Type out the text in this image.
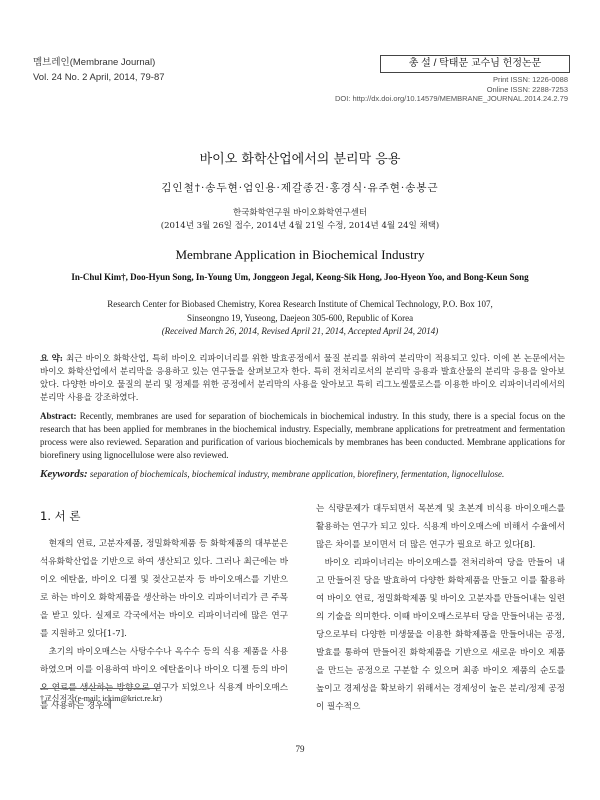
멤브레인(Membrane Journal)
Vol. 24 No. 2 April, 2014, 79-87
총 설 / 탁태문 교수님 헌정논문
Print ISSN: 1226-0088
Online ISSN: 2288-7253
DOI: http://dx.doi.org/10.14579/MEMBRANE_JOURNAL.2014.24.2.79
바이오 화학산업에서의 분리막 응용
김인철†·송두현·엄인용·제갈종건·홍경식·유주현·송봉근
한국화학연구원 바이오화학연구센터
(2014년 3월 26일 접수, 2014년 4월 21일 수정, 2014년 4월 24일 채택)
Membrane Application in Biochemical Industry
In-Chul Kim†, Doo-Hyun Song, In-Young Um, Jonggeon Jegal, Keong-Sik Hong, Joo-Hyeon Yoo, and Bong-Keun Song
Research Center for Biobased Chemistry, Korea Research Institute of Chemical Technology, P.O. Box 107,
Sinseongno 19, Yuseong, Daejeon 305-600, Republic of Korea
(Received March 26, 2014, Revised April 21, 2014, Accepted April 24, 2014)
요 약: 최근 바이오 화학산업, 특히 바이오 리파이너리를 위한 발효공정에서 물질 분리를 위하여 분리막이 적용되고 있다. 이에 본 논문에서는 바이오 화학산업에서 분리막을 응용하고 있는 연구들을 살펴보고자 한다. 특히 전처리로서의 분리막 응용과 발효산물의 분리막 응용을 알아보았다. 다양한 바이오 물질의 분리 및 정제를 위한 공정에서 분리막의 사용을 알아보고 특히 리그노셀룰로스를 이용한 바이오 리파이너리에서의 분리막 사용을 강조하였다.
Abstract: Recently, membranes are used for separation of biochemicals in biochemical industry. In this study, there is a special focus on the research that has been applied for membranes in the biochemical industry. Especially, membrane applications for pretreatment and fermentation process were also reviewed. Separation and purification of various biochemicals by membranes has been conducted. Membrane applications for biorefinery using lignocellulose were also reviewed.
Keywords: separation of biochemicals, biochemical industry, membrane application, biorefinery, fermentation, lignocellulose.
1. 서 론

현재의 연료, 고분자제품, 정밀화학제품 등 화학제품의 대부분은 석유화학산업을 기반으로 하여 생산되고 있다. 그러나 최근에는 바이오 에탄올, 바이오 디젤 및 젖산고분자 등 바이오매스를 기반으로 하는 바이오 화학제품을 생산하는 바이오 리파이너리가 큰 주목을 받고 있다. 실제로 각국에서는 바이오 리파이너리에 많은 연구를 지원하고 있다[1-7].

초기의 바이오매스는 사탕수수나 옥수수 등의 식용 제품을 사용하였으며 이를 이용하여 바이오 에탄올이나 바이오 디젤 등의 바이오 연료를 생산하는 방향으로 연구가 되었으나 식용계 바이오매스를 사용하는 경우에

는 식량문제가 대두되면서 목본계 및 초본계 비식용 바이오매스를 활용하는 연구가 되고 있다. 식용계 바이오매스에 비해서 수율에서 많은 차이를 보이면서 더 많은 연구가 필요로 하고 있다[8].

바이오 리파이너리는 바이오매스를 전처리하여 당을 만들어 내고 만들어진 당을 발효하여 다양한 화학제품을 만들고 이를 활용하여 바이오 연료, 정밀화학제품 및 바이오 고분자를 만들어내는 일련의 기술을 의미한다. 이때 바이오매스로부터 당을 만들어내는 공정, 당으로부터 다양한 미생물을 이용한 화학제품을 만들어내는 공정, 발효를 통하여 만들어진 화학제품을 기반으로 새로운 바이오 제품을 만드는 공정으로 구분할 수 있으며 최종 바이오 제품의 순도를 높이고 경제성을 확보하기 위해서는 경제성이 높은 분리/정제 공정이 필수적으

†교신저자(e-mail: ickim@krict.re.kr)
79
